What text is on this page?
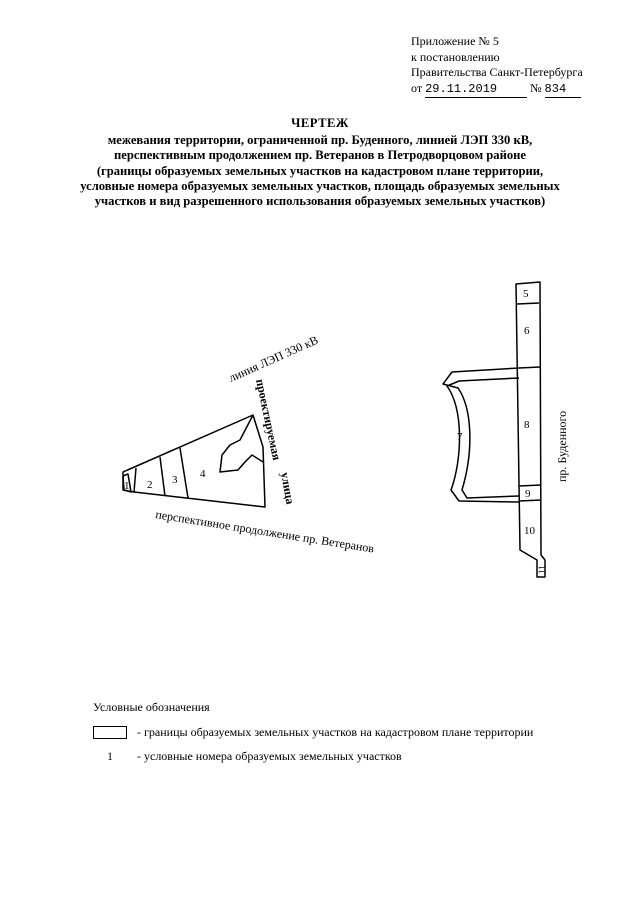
Приложение № 5
к постановлению
Правительства Санкт-Петербурга
от 29.11.2019	№ 834
ЧЕРТЕЖ
межевания территории, ограниченной пр. Буденного, линией ЛЭП 330 кВ,
перспективным продолжением пр. Ветеранов в Петродворцовом районе
(границы образуемых земельных участков на кадастровом плане территории,
условные номера образуемых земельных участков, площадь образуемых земельных
участков и вид разрешенного использования образуемых земельных участков)
1 2 3 4
5
6
7
8
9
10
11
линия ЛЭП 330 кВ
проектируемая
улица
перспективное продолжение пр. Ветеранов
пр. Буденного
Условные обозначения
- границы образуемых земельных участков на кадастровом плане территории
1	- условные номера образуемых земельных участков
